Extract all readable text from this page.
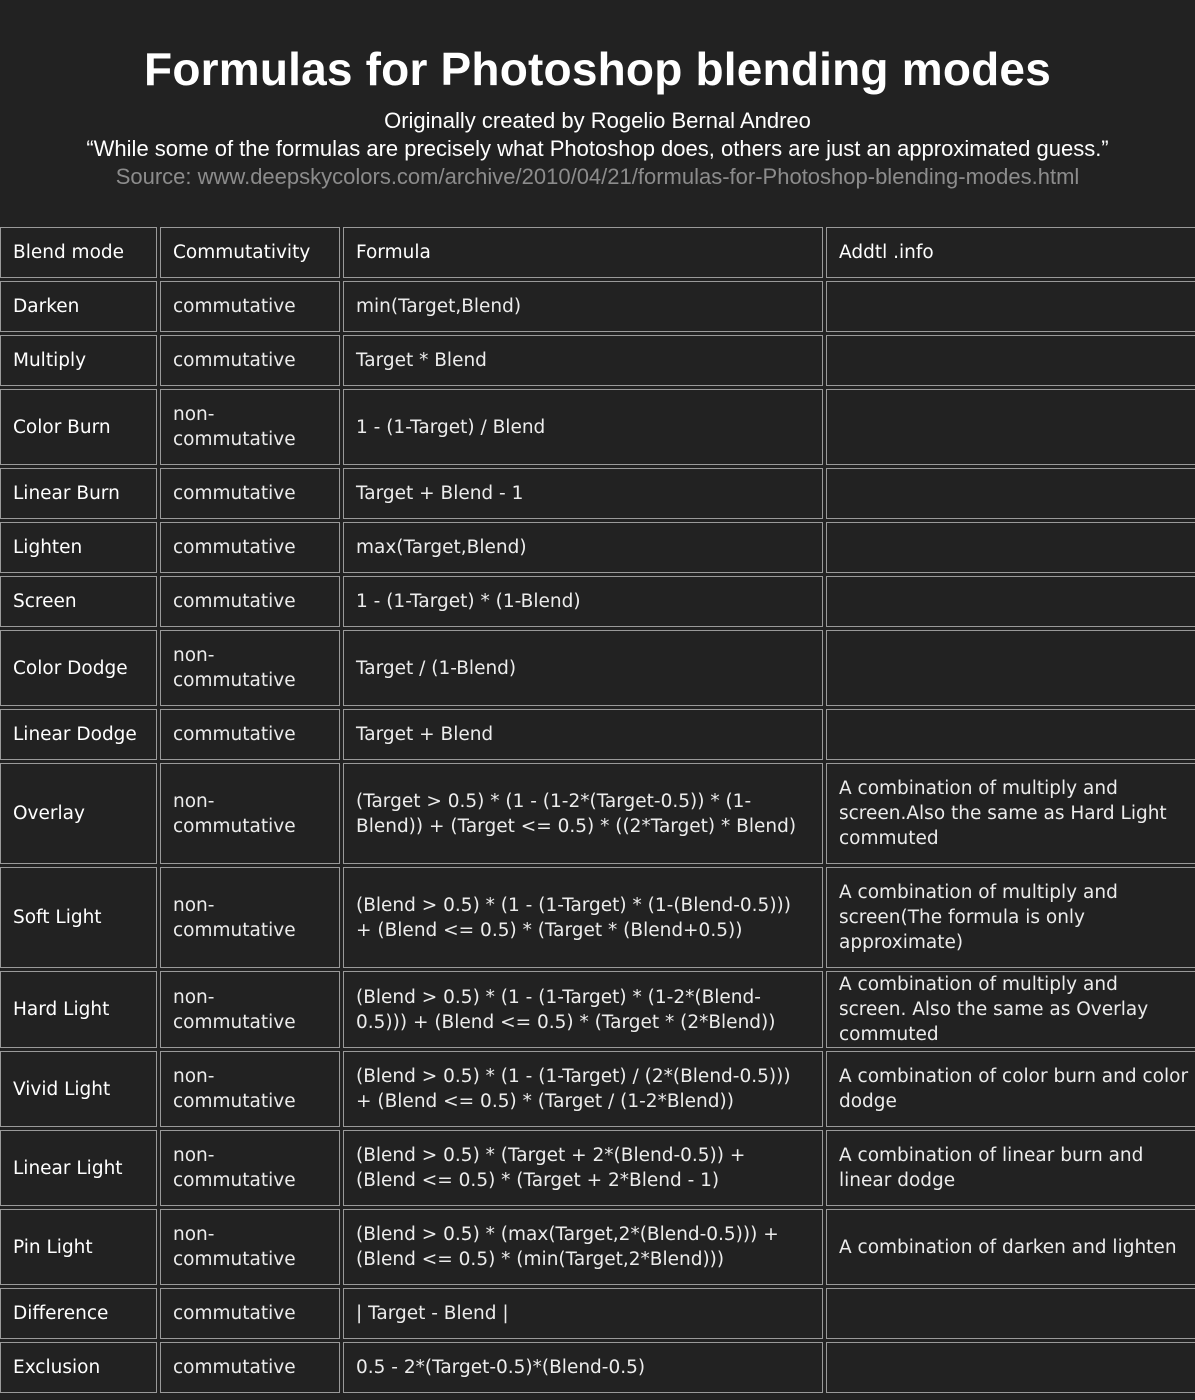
Formulas for Photoshop blending modes
Originally created by Rogelio Bernal Andreo
“While some of the formulas are precisely what Photoshop does, others are just an approximated guess.”
Source: www.deepskycolors.com/archive/2010/04/21/formulas-for-Photoshop-blending-modes.html
Blend mode	Commutativity	Formula	Addtl .info
Darken	commutative	min(Target,Blend)	
Multiply	commutative	Target * Blend	
Color Burn	non-commutative	1 - (1-Target) / Blend	
Linear Burn	commutative	Target + Blend - 1	
Lighten	commutative	max(Target,Blend)	
Screen	commutative	1 - (1-Target) * (1-Blend)	
Color Dodge	non-commutative	Target / (1-Blend)	
Linear Dodge	commutative	Target + Blend	
Overlay	non-commutative	(Target > 0.5) * (1 - (1-2*(Target-0.5)) * (1-Blend)) + (Target <= 0.5) * ((2*Target) * Blend)	A combination of multiply and screen.Also the same as Hard Light commuted
Soft Light	non-commutative	(Blend > 0.5) * (1 - (1-Target) * (1-(Blend-0.5))) + (Blend <= 0.5) * (Target * (Blend+0.5))	A combination of multiply and screen(The formula is only approximate)
Hard Light	non-commutative	(Blend > 0.5) * (1 - (1-Target) * (1-2*(Blend-0.5))) + (Blend <= 0.5) * (Target * (2*Blend))	A combination of multiply and screen. Also the same as Overlay commuted
Vivid Light	non-commutative	(Blend > 0.5) * (1 - (1-Target) / (2*(Blend-0.5))) + (Blend <= 0.5) * (Target / (1-2*Blend))	A combination of color burn and color dodge
Linear Light	non-commutative	(Blend > 0.5) * (Target + 2*(Blend-0.5)) + (Blend <= 0.5) * (Target + 2*Blend - 1)	A combination of linear burn and linear dodge
Pin Light	non-commutative	(Blend > 0.5) * (max(Target,2*(Blend-0.5))) + (Blend <= 0.5) * (min(Target,2*Blend)))	A combination of darken and lighten
Difference	commutative	| Target - Blend |	
Exclusion	commutative	0.5 - 2*(Target-0.5)*(Blend-0.5)	
